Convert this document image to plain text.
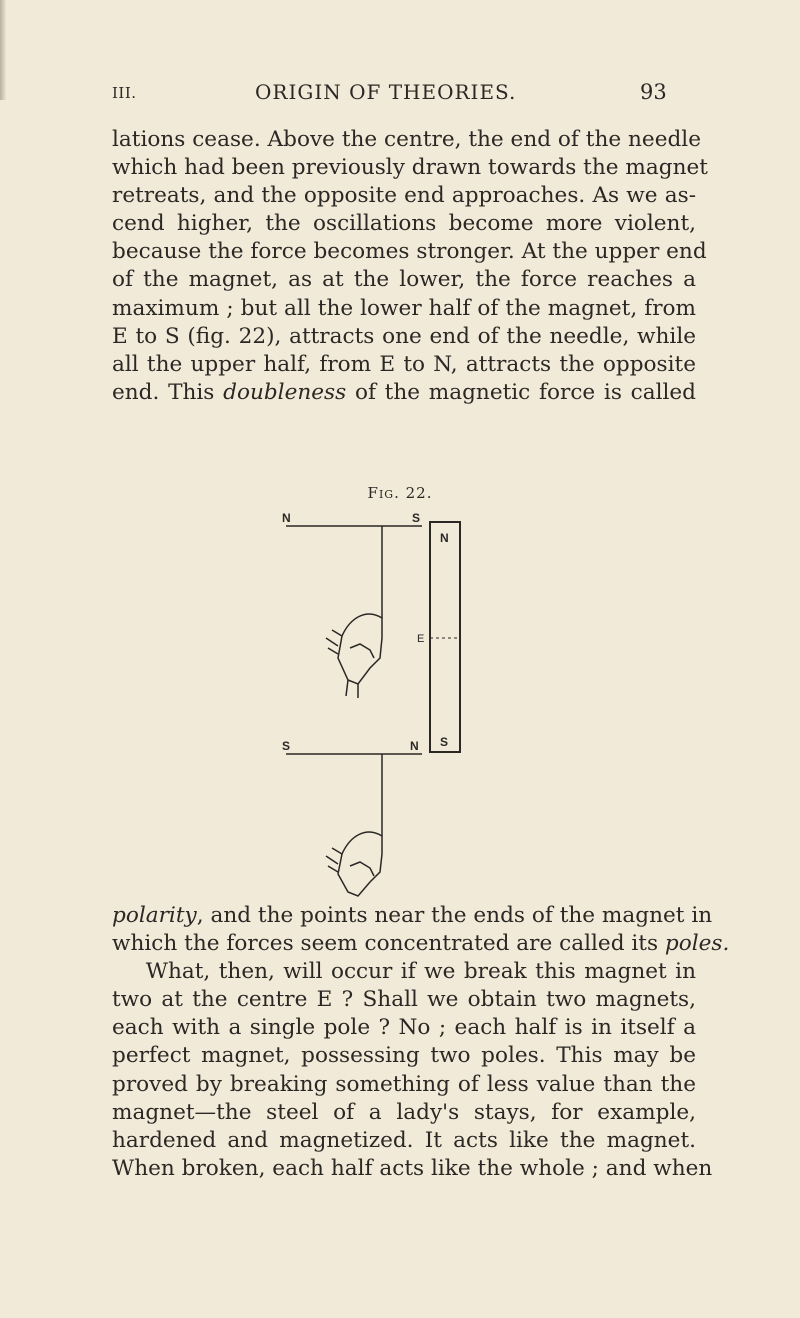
III.	ORIGIN OF THEORIES.	93
lations cease. Above the centre, the end of the needle
which had been previously drawn towards the magnet
retreats, and the opposite end approaches. As we as-
cend higher, the oscillations become more violent,
because the force becomes stronger. At the upper end
of the magnet, as at the lower, the force reaches a
maximum ; but all the lower half of the magnet, from
E to S (fig. 22), attracts one end of the needle, while
all the upper half, from E to N, attracts the opposite
end. This doubleness of the magnetic force is called
Fig. 22.
N	S
N
E
S	N S
polarity, and the points near the ends of the magnet in
which the forces seem concentrated are called its poles.
What, then, will occur if we break this magnet in
two at the centre E ? Shall we obtain two magnets,
each with a single pole ? No ; each half is in itself a
perfect magnet, possessing two poles. This may be
proved by breaking something of less value than the
magnet—the steel of a lady's stays, for example,
hardened and magnetized. It acts like the magnet.
When broken, each half acts like the whole ; and when
